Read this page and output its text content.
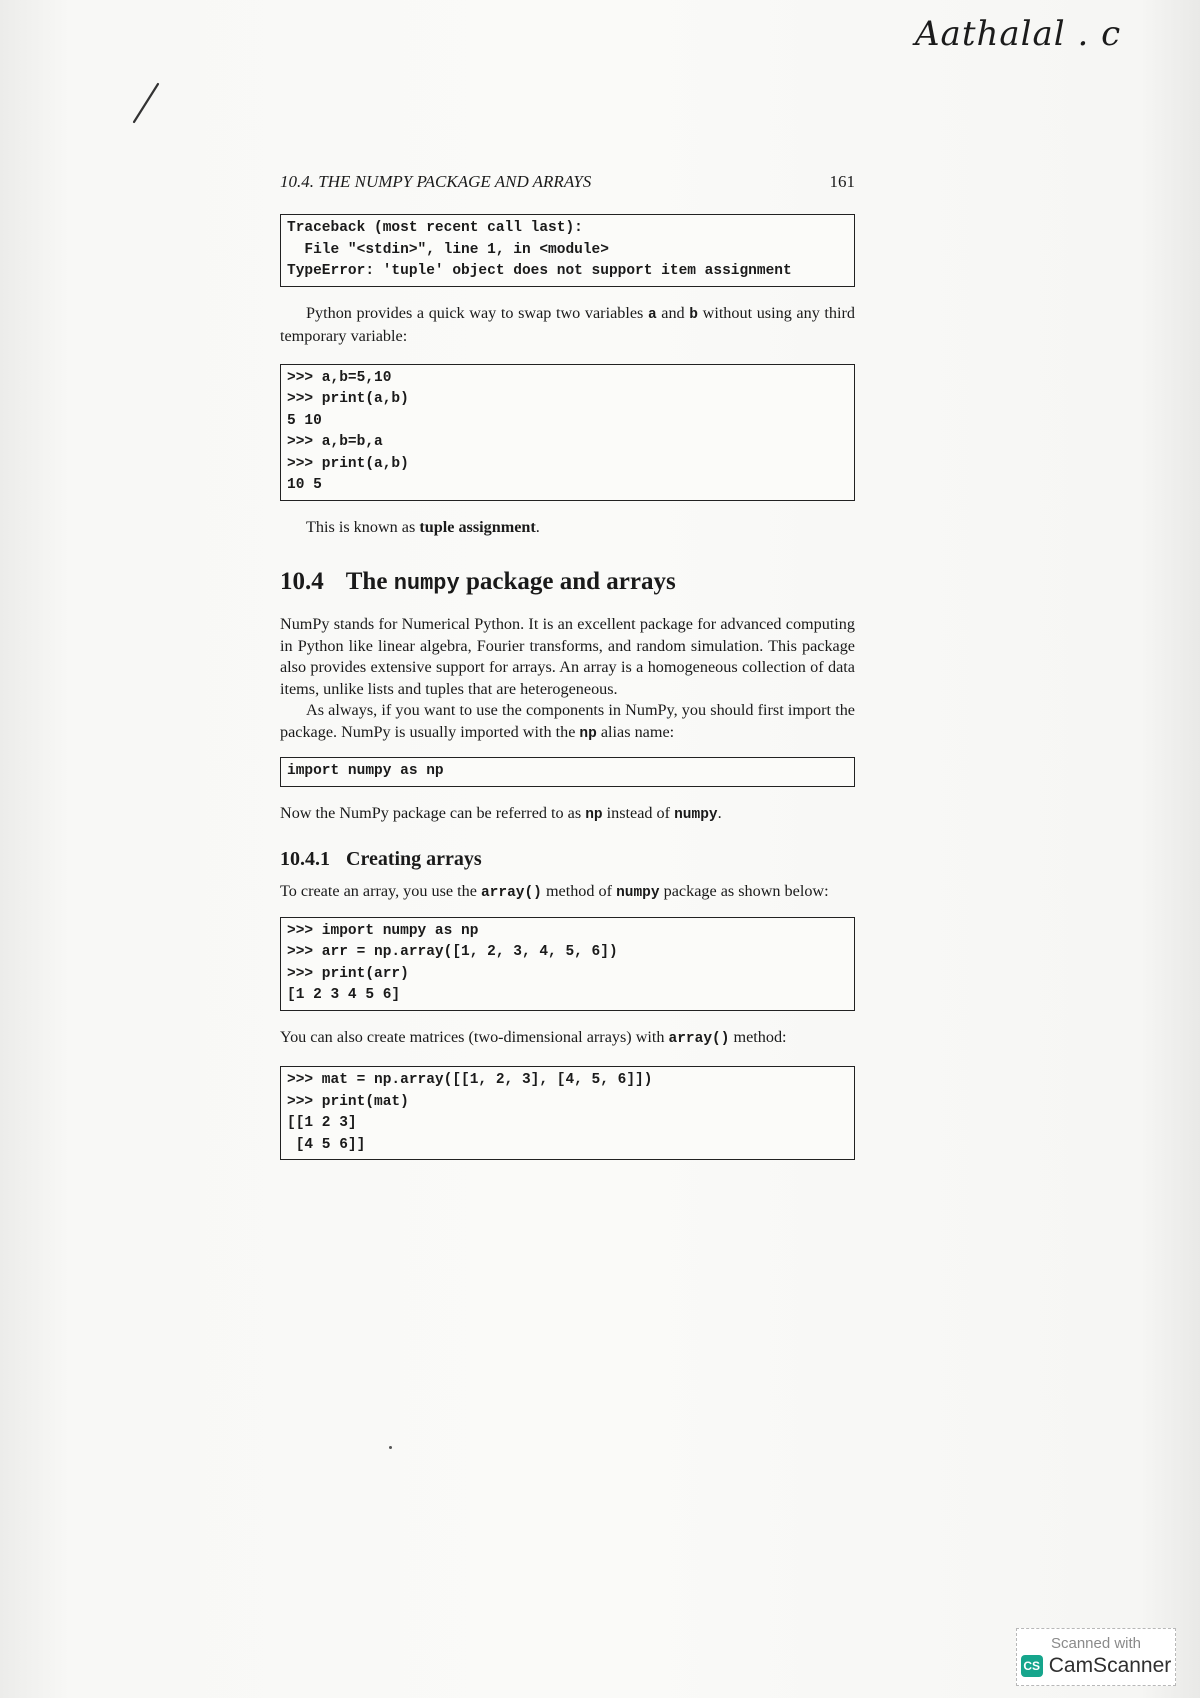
Aathalal . c
10.4. THE NUMPY PACKAGE AND ARRAYS	161
Traceback (most recent call last):
File "<stdin>", line 1, in <module>
TypeError: 'tuple' object does not support item assignment

Python provides a quick way to swap two variables a and b without using any third temporary variable:

>>> a,b=5,10
>>> print(a,b)
5 10
>>> a,b=b,a
>>> print(a,b)
10 5

This is known as tuple assignment.

10.4 The numpy package and arrays

NumPy stands for Numerical Python. It is an excellent package for advanced computing in Python like linear algebra, Fourier transforms, and random simulation. This package also provides extensive support for arrays. An array is a homogeneous collection of data items, unlike lists and tuples that are heterogeneous.

As always, if you want to use the components in NumPy, you should first import the package. NumPy is usually imported with the np alias name:

import numpy as np

Now the NumPy package can be referred to as np instead of numpy.

10.4.1 Creating arrays

To create an array, you use the array() method of numpy package as shown below:

>>> import numpy as np
>>> arr = np.array([1, 2, 3, 4, 5, 6])
>>> print(arr)
[1 2 3 4 5 6]

You can also create matrices (two-dimensional arrays) with array() method:

>>> mat = np.array([[1, 2, 3], [4, 5, 6]])
>>> print(mat)
[[1 2 3]
[4 5 6]]
Scanned with
CS CamScanner
